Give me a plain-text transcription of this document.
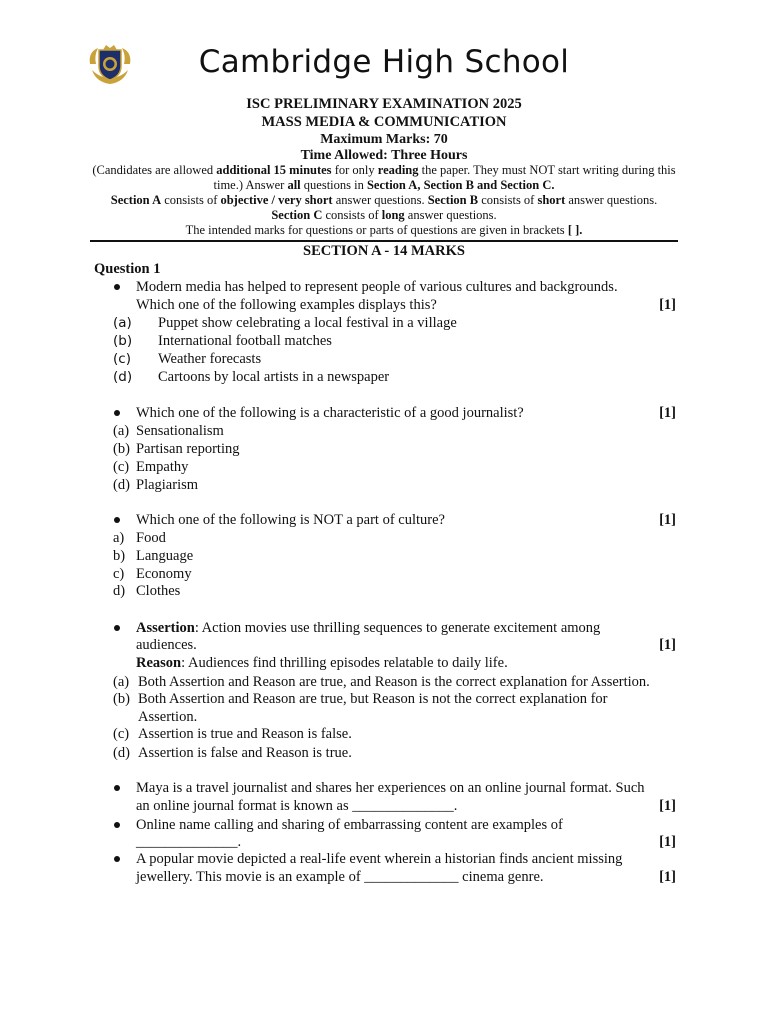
Cambridge High School
ISC PRELIMINARY EXAMINATION 2025
MASS MEDIA & COMMUNICATION
Maximum Marks: 70
Time Allowed: Three Hours
(Candidates are allowed additional 15 minutes for only reading the paper. They must NOT start writing during this
time.) Answer all questions in Section A, Section B and Section C.
Section A consists of objective / very short answer questions. Section B consists of short answer questions.
Section C consists of long answer questions.
The intended marks for questions or parts of questions are given in brackets [ ].
SECTION A - 14 MARKS
Question 1
Modern media has helped to represent people of various cultures and backgrounds.
Which one of the following examples displays this?	[1]
(a) Puppet show celebrating a local festival in a village
(b) International football matches
(c) Weather forecasts
(d) Cartoons by local artists in a newspaper
Which one of the following is a characteristic of a good journalist?	[1]
(a) Sensationalism
(b) Partisan reporting
(c) Empathy
(d) Plagiarism
Which one of the following is NOT a part of culture?	[1]
a) Food
b) Language
c) Economy
d) Clothes
Assertion: Action movies use thrilling sequences to generate excitement among
audiences.	[1]
Reason: Audiences find thrilling episodes relatable to daily life.
(a) Both Assertion and Reason are true, and Reason is the correct explanation for Assertion.
(b) Both Assertion and Reason are true, but Reason is not the correct explanation for
Assertion.
(c) Assertion is true and Reason is false.
(d) Assertion is false and Reason is true.
Maya is a travel journalist and shares her experiences on an online journal format. Such
an online journal format is known as ______________.	[1]
Online name calling and sharing of embarrassing content are examples of
______________.	[1]
A popular movie depicted a real-life event wherein a historian finds ancient missing
jewellery. This movie is an example of _____________ cinema genre.	[1]
